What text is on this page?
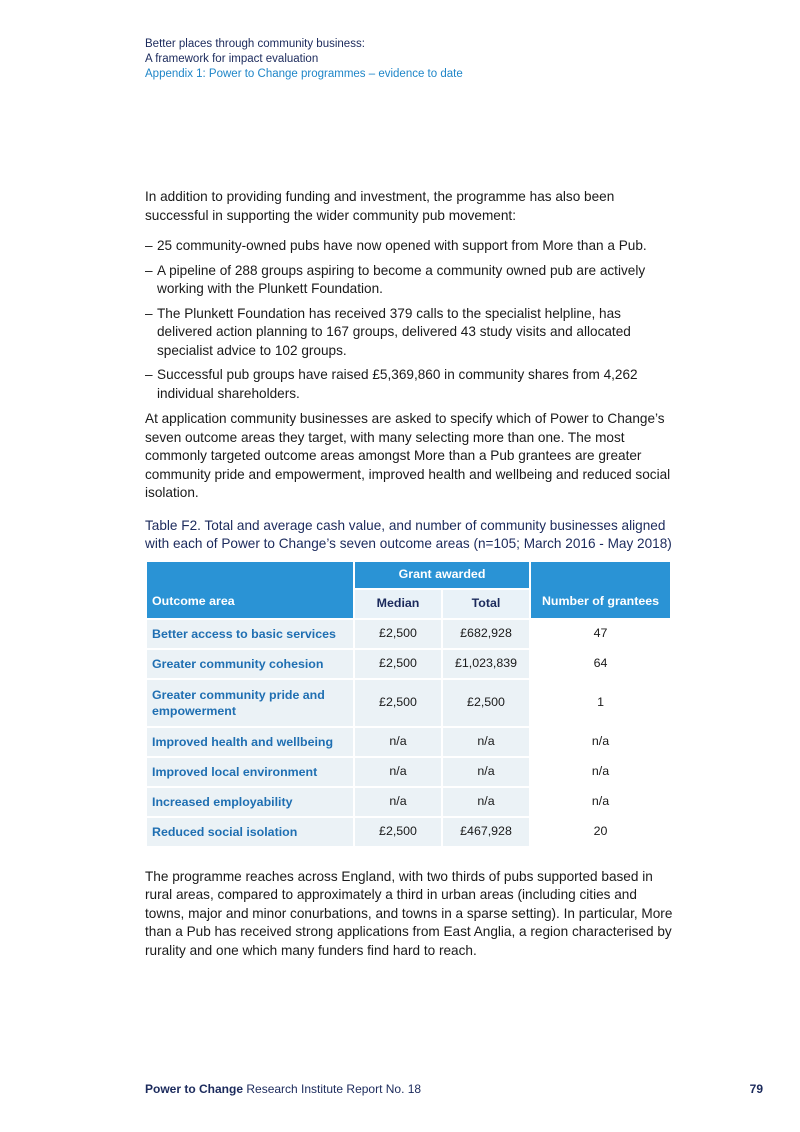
Better places through community business:
A framework for impact evaluation
Appendix 1: Power to Change programmes – evidence to date

In addition to providing funding and investment, the programme has also been successful in supporting the wider community pub movement:

– 25 community-owned pubs have now opened with support from More than a Pub.
– A pipeline of 288 groups aspiring to become a community owned pub are actively working with the Plunkett Foundation.
– The Plunkett Foundation has received 379 calls to the specialist helpline, has delivered action planning to 167 groups, delivered 43 study visits and allocated specialist advice to 102 groups.
– Successful pub groups have raised £5,369,860 in community shares from 4,262 individual shareholders.

At application community businesses are asked to specify which of Power to Change’s seven outcome areas they target, with many selecting more than one. The most commonly targeted outcome areas amongst More than a Pub grantees are greater community pride and empowerment, improved health and wellbeing and reduced social isolation.

Table F2. Total and average cash value, and number of community businesses aligned with each of Power to Change’s seven outcome areas (n=105; March 2016 - May 2018)
Outcome area	Grant awarded		Number of grantees
	Median	Total	
Better access to basic services	£2,500	£682,928	47
Greater community cohesion	£2,500	£1,023,839	64
Greater community pride and empowerment	£2,500	£2,500	1
Improved health and wellbeing	n/a	n/a	n/a
Improved local environment	n/a	n/a	n/a
Increased employability	n/a	n/a	n/a
Reduced social isolation	£2,500	£467,928	20

The programme reaches across England, with two thirds of pubs supported based in rural areas, compared to approximately a third in urban areas (including cities and towns, major and minor conurbations, and towns in a sparse setting). In particular, More than a Pub has received strong applications from East Anglia, a region characterised by rurality and one which many funders find hard to reach.

Power to Change Research Institute Report No. 18	79
